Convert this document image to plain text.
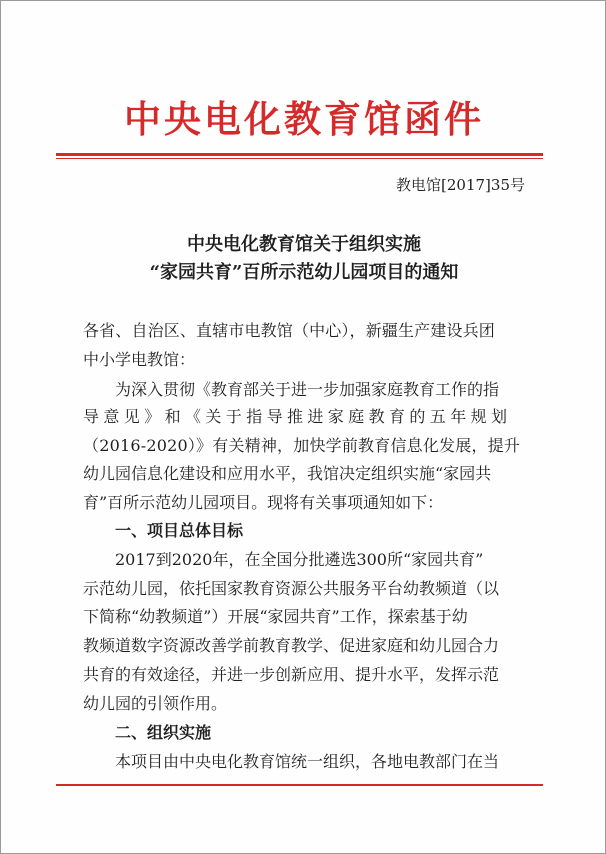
中央电化教育馆函件
教电馆[2017]35号
中央电化教育馆关于组织实施
“家园共育”百所示范幼儿园项目的通知
各省、自治区、直辖市电教馆（中心），新疆生产建设兵团
中小学电教馆：
为深入贯彻《教育部关于进一步加强家庭教育工作的指
导意见》和《关于指导推进家庭教育的五年规划
（2016-2020）》有关精神，加快学前教育信息化发展，提升
幼儿园信息化建设和应用水平，我馆决定组织实施“家园共
育”百所示范幼儿园项目。现将有关事项通知如下：
一、项目总体目标
2017到2020年，在全国分批遴选300所“家园共育”
示范幼儿园，依托国家教育资源公共服务平台幼教频道（以
下简称“幼教频道”）开展“家园共育”工作，探索基于幼
教频道数字资源改善学前教育教学、促进家庭和幼儿园合力
共育的有效途径，并进一步创新应用、提升水平，发挥示范
幼儿园的引领作用。
二、组织实施
本项目由中央电化教育馆统一组织，各地电教部门在当
